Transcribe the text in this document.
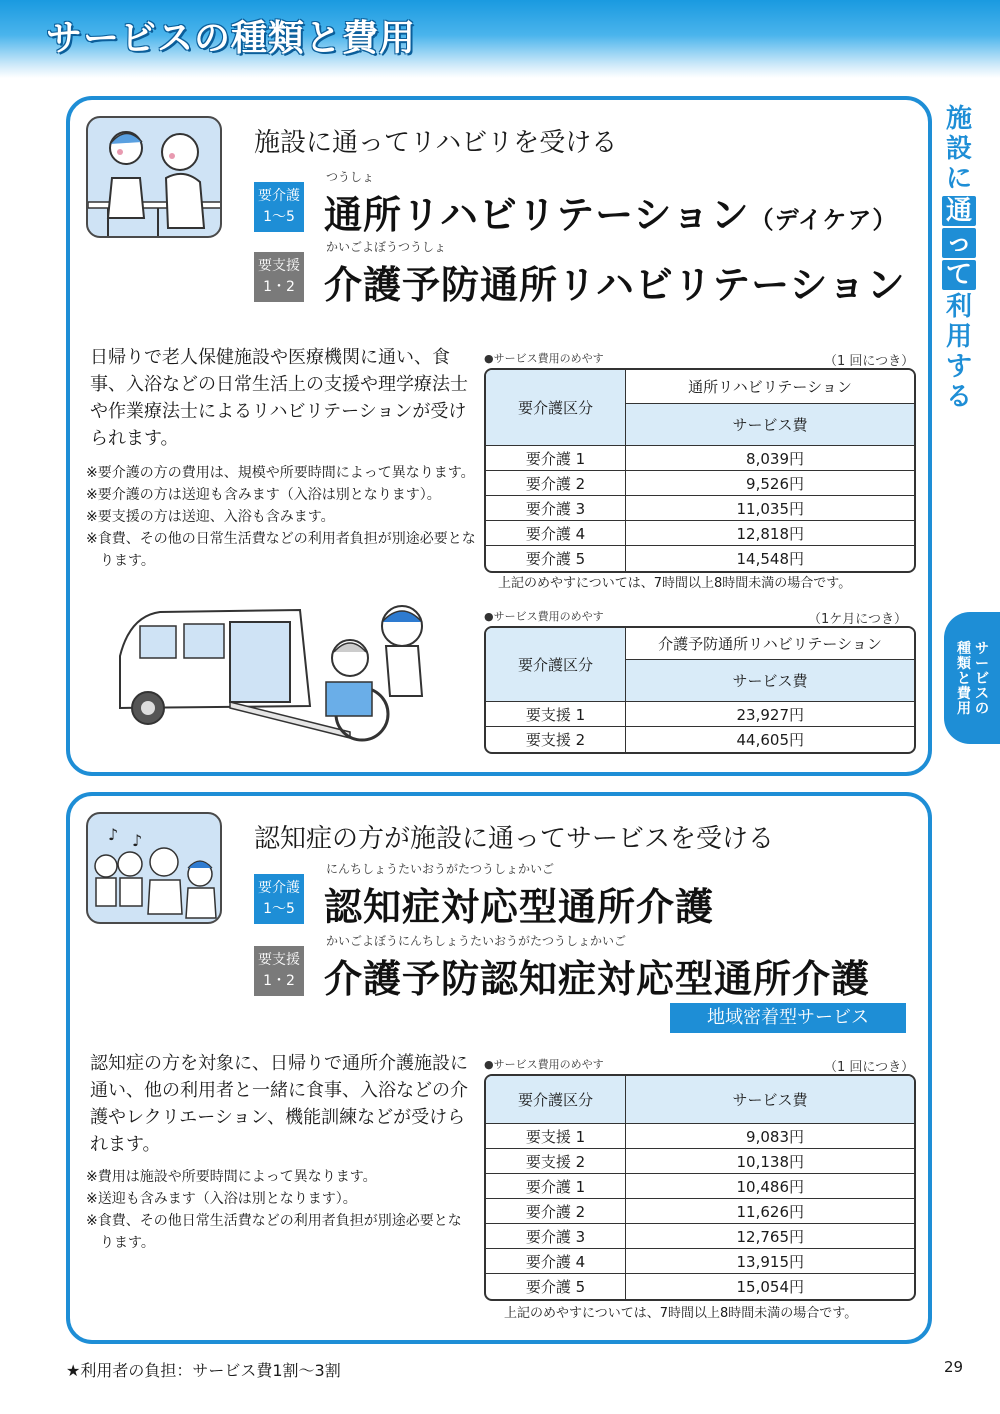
サービスの種類と費用
施
設
に
通
っ
て
利
用
す
る
サービスの
種類と費用
施設に通ってリハビリを受ける
要介護
1〜5
つうしょ
通所リハビリテーション（デイケア）
要支援
1・2
かいごよぼうつうしょ
介護予防通所リハビリテーション
日帰りで老人保健施設や医療機関に通い、食事、入浴などの日常生活上の支援や理学療法士や作業療法士によるリハビリテーションが受けられます。
※要介護の方の費用は、規模や所要時間によって異なります。
※要介護の方は送迎も含みます（入浴は別となります）。
※要支援の方は送迎、入浴も含みます。
※食費、その他の日常生活費などの利用者負担が別途必要となります。
●サービス費用のめやす	（1 回につき）
要介護区分	通所リハビリテーション
	サービス費
要介護 1	8,039円
要介護 2	9,526円
要介護 3	11,035円
要介護 4	12,818円
要介護 5	14,548円
上記のめやすについては、7時間以上8時間未満の場合です。
●サービス費用のめやす	（1ケ月につき）
要介護区分	介護予防通所リハビリテーション
	サービス費
要支援 1	23,927円
要支援 2	44,605円
♪ ♪	認知症の方が施設に通ってサービスを受ける
要介護
1〜5
にんちしょうたいおうがたつうしょかいご
認知症対応型通所介護
要支援
1・2
かいごよぼうにんちしょうたいおうがたつうしょかいご
介護予防認知症対応型通所介護
地域密着型サービス
認知症の方を対象に、日帰りで通所介護施設に通い、他の利用者と一緒に食事、入浴などの介護やレクリエーション、機能訓練などが受けられます。
※費用は施設や所要時間によって異なります。
※送迎も含みます（入浴は別となります）。
※食費、その他日常生活費などの利用者負担が別途必要となります。
●サービス費用のめやす	（1 回につき）
要介護区分	サービス費
要支援 1	9,083円
要支援 2	10,138円
要介護 1	10,486円
要介護 2	11,626円
要介護 3	12,765円
要介護 4	13,915円
要介護 5	15,054円
上記のめやすについては、7時間以上8時間未満の場合です。
★利用者の負担：サービス費1割〜3割	29
